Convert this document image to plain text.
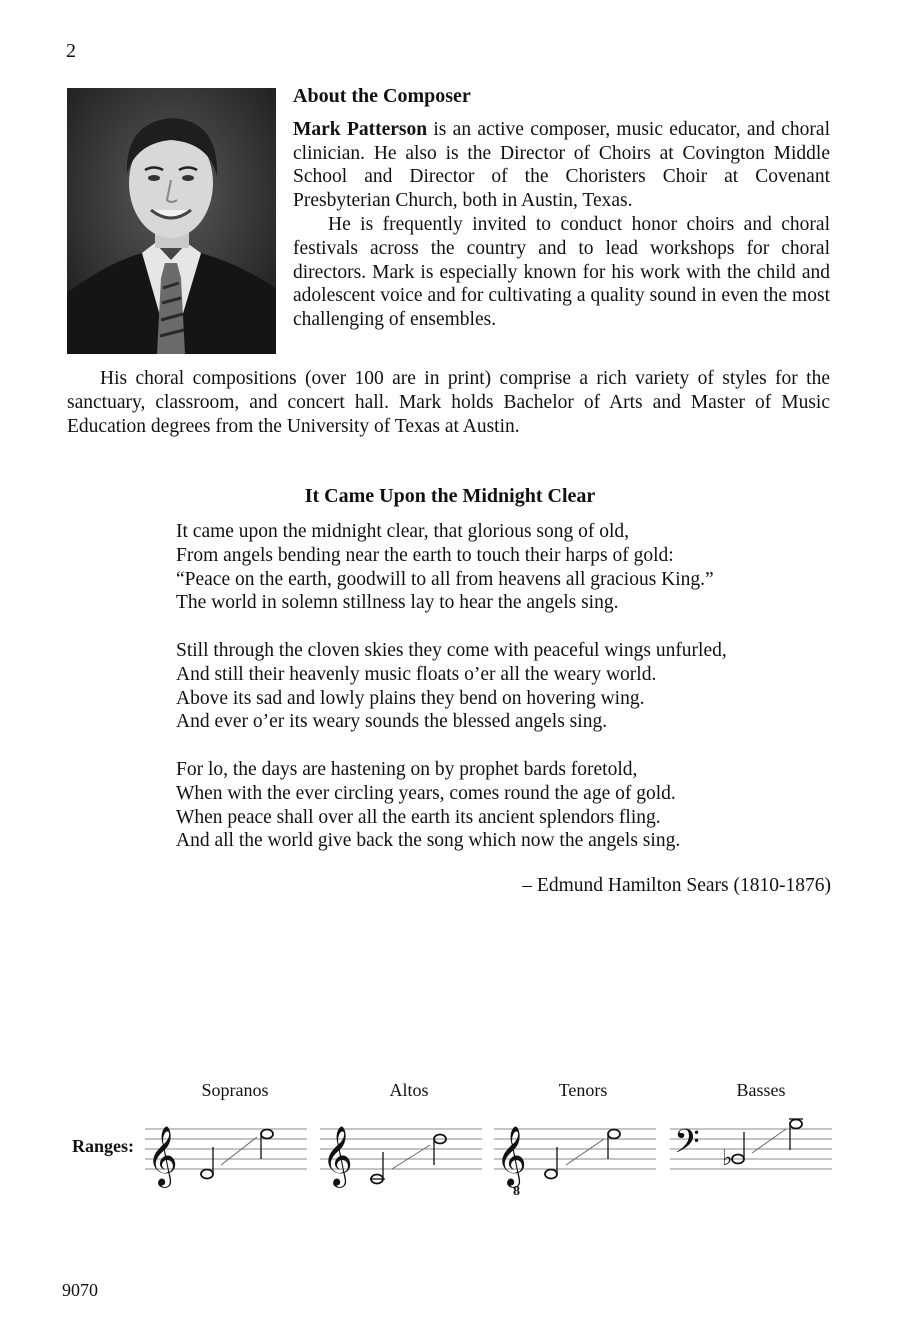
2
About the Composer

Mark Patterson is an active composer, music educator, and choral clinician. He also is the Director of Choirs at Covington Middle School and Director of the Choristers Choir at Covenant Presbyterian Church, both in Austin, Texas.

He is frequently invited to conduct honor choirs and choral festivals across the country and to lead workshops for choral directors. Mark is especially known for his work with the child and adolescent voice and for cultivating a quality sound in even the most challenging of ensembles.

His choral compositions (over 100 are in print) comprise a rich variety of styles for the sanctuary, classroom, and concert hall. Mark holds Bachelor of Arts and Master of Music Education degrees from the University of Texas at Austin.

It Came Upon the Midnight Clear
It came upon the midnight clear, that glorious song of old,
From angels bending near the earth to touch their harps of gold:
“Peace on the earth, goodwill to all from heavens all gracious King.”
The world in solemn stillness lay to hear the angels sing.
Still through the cloven skies they come with peaceful wings unfurled,
And still their heavenly music floats o’er all the weary world.
Above its sad and lowly plains they bend on hovering wing.
And ever o’er its weary sounds the blessed angels sing.
For lo, the days are hastening on by prophet bards foretold,
When with the ever circling years, comes round the age of gold.
When peace shall over all the earth its ancient splendors fling.
And all the world give back the song which now the angels sing.

– Edmund Hamilton Sears (1810-1876)

Ranges:
Sopranos	Altos	Tenors	Basses
𝄞	𝄞	𝄞
8
𝄢 ♭
9070
